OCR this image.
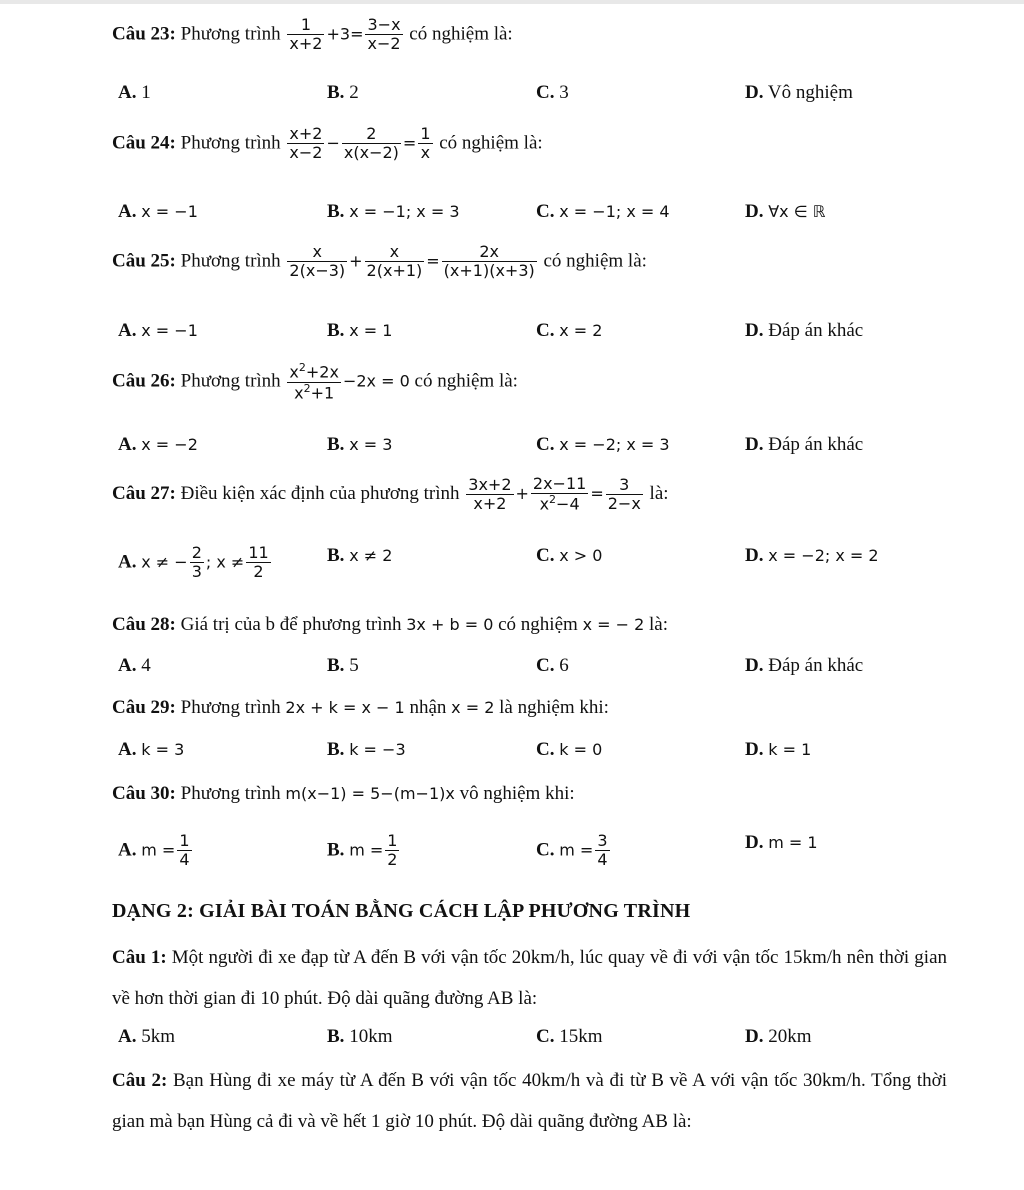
Câu 23: Phương trình $\frac{1}{x+2} +3= \frac{3-x}{x-2}$ có nghiệm là:
A. 1	B. 2	C. 3	D. Vô nghiệm
Câu 24: Phương trình $\frac{x+2}{x-2} - \frac{2}{x(x-2)} = \frac{1}{x}$ có nghiệm là:
A. x = −1	B. x = −1; x = 3	C. x = −1; x = 4	D. ∀x ∈ ℝ
Câu 25: Phương trình $\frac{x}{2(x-3)} + \frac{x}{2(x+1)} = \frac{2x}{(x+1)(x+3)}$ có nghiệm là:
A. x = −1	B. x = 1	C. x = 2	D. Đáp án khác
Câu 26: Phương trình $\frac{x^2+2x}{x^2+1} -2x = 0$ có nghiệm là:
A. x = −2	B. x = 3	C. x = −2; x = 3	D. Đáp án khác
Câu 27: Điều kiện xác định của phương trình $\frac{3x+2}{x+2} + \frac{2x-11}{x^2-4} = \frac{3}{2-x}$ là:
A. x ≠ − $\frac{2}{3}$ ; $x \ne \frac{11}{2}$	B. x ≠ 2	C. x > 0	D. x = −2; x = 2
Câu 28: Giá trị của b để phương trình 3x + b = 0 có nghiệm x = − 2 là:
A. 4	B. 5	C. 6	D. Đáp án khác
Câu 29: Phương trình 2x + k = x − 1 nhận x = 2 là nghiệm khi:
A. k = 3	B. k = −3	C. k = 0	D. k = 1
Câu 30: Phương trình m(x−1) = 5−(m−1)x vô nghiệm khi:
A. $m = \frac{1}{4}$	B. $m = \frac{1}{2}$	C. $m = \frac{3}{4}$	D. m = 1
DẠNG 2: GIẢI BÀI TOÁN BẰNG CÁCH LẬP PHƯƠNG TRÌNH
Câu 1: Một người đi xe đạp từ A đến B với vận tốc 20km/h, lúc quay về đi với vận tốc 15km/h nên thời gian về hơn thời gian đi 10 phút. Độ dài quãng đường AB là:
A. 5km	B. 10km	C. 15km	D. 20km
Câu 2: Bạn Hùng đi xe máy từ A đến B với vận tốc 40km/h và đi từ B về A với vận tốc 30km/h. Tổng thời gian mà bạn Hùng cả đi và về hết 1 giờ 10 phút. Độ dài quãng đường AB là:
